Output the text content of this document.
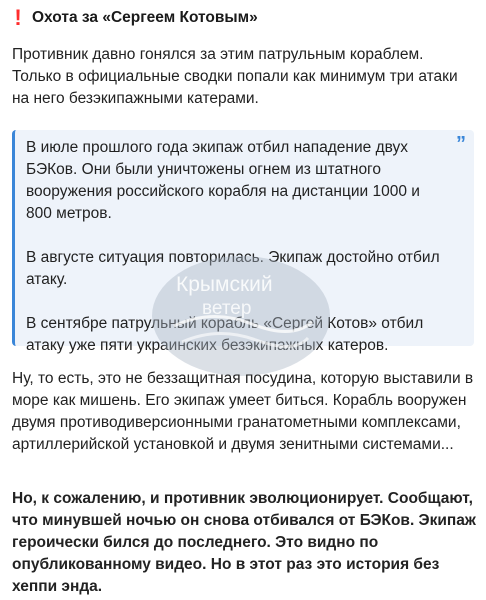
! Охота за «Сергеем Котовым»

Противник давно гонялся за этим патрульным кораблем. Только в официальные сводки попали как минимум три атаки на него безэкипажными катерами.

В июле прошлого года экипаж отбил нападение двух БЭКов. Они были уничтожены огнем из штатного вооружения российского корабля на дистанции 1000 и 800 метров.

В августе ситуация повторилась. Экипаж достойно отбил атаку.

В сентябре патрульный корабль «Сергей Котов» отбил атаку уже пяти украинских безэкипажных катеров.

”
Крымский
ветер

Ну, то есть, это не беззащитная посудина, которую выставили в море как мишень. Его экипаж умеет биться. Корабль вооружен двумя противодиверсионными гранатометными комплексами, артиллерийской установкой и двумя зенитными системами...

Но, к сожалению, и противник эволюционирует. Сообщают, что минувшей ночью он снова отбивался от БЭКов. Экипаж героически бился до последнего. Это видно по опубликованному видео. Но в этот раз это история без хеппи энда.
